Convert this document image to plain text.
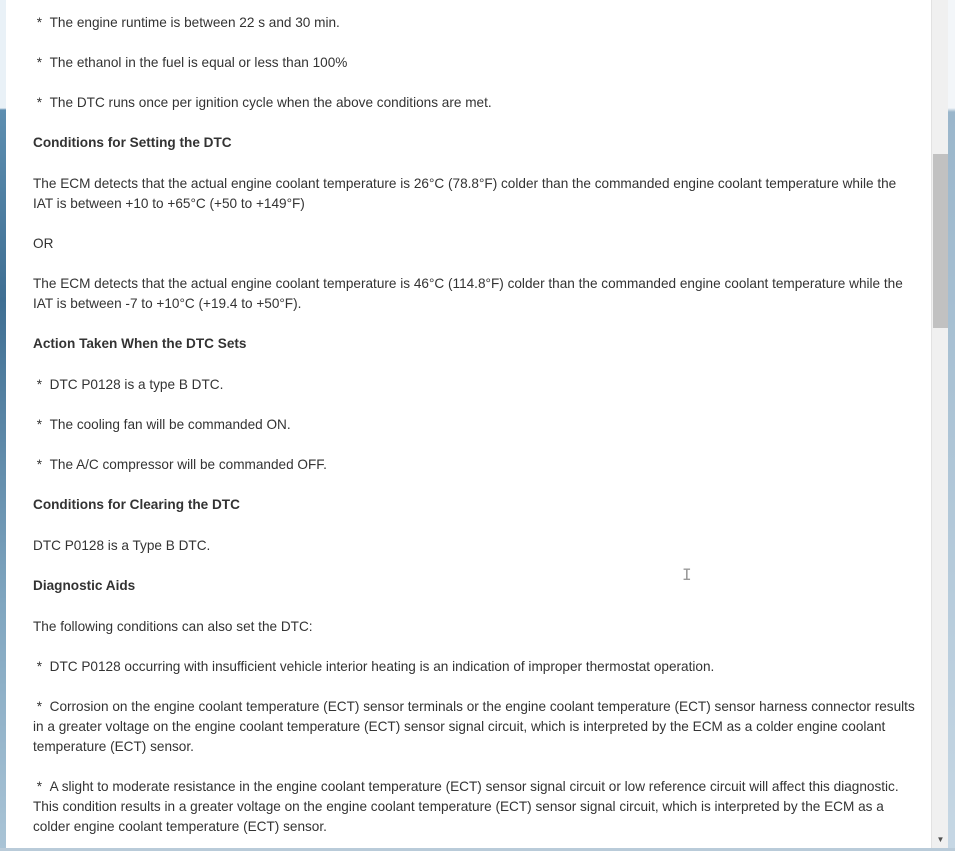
*  The engine runtime is between 22 s and 30 min.

*  The ethanol in the fuel is equal or less than 100%

*  The DTC runs once per ignition cycle when the above conditions are met.

Conditions for Setting the DTC

The ECM detects that the actual engine coolant temperature is 26°C (78.8°F) colder than the commanded engine coolant temperature while the IAT is between +10 to +65°C (+50 to +149°F)

OR

The ECM detects that the actual engine coolant temperature is 46°C (114.8°F) colder than the commanded engine coolant temperature while the IAT is between -7 to +10°C (+19.4 to +50°F).

Action Taken When the DTC Sets

*  DTC P0128 is a type B DTC.

*  The cooling fan will be commanded ON.

*  The A/C compressor will be commanded OFF.

Conditions for Clearing the DTC

DTC P0128 is a Type B DTC.

Diagnostic Aids

The following conditions can also set the DTC:

*  DTC P0128 occurring with insufficient vehicle interior heating is an indication of improper thermostat operation.

*  Corrosion on the engine coolant temperature (ECT) sensor terminals or the engine coolant temperature (ECT) sensor harness connector results in a greater voltage on the engine coolant temperature (ECT) sensor signal circuit, which is interpreted by the ECM as a colder engine coolant temperature (ECT) sensor.

*  A slight to moderate resistance in the engine coolant temperature (ECT) sensor signal circuit or low reference circuit will affect this diagnostic. This condition results in a greater voltage on the engine coolant temperature (ECT) sensor signal circuit, which is interpreted by the ECM as a colder engine coolant temperature (ECT) sensor.

▼
I
